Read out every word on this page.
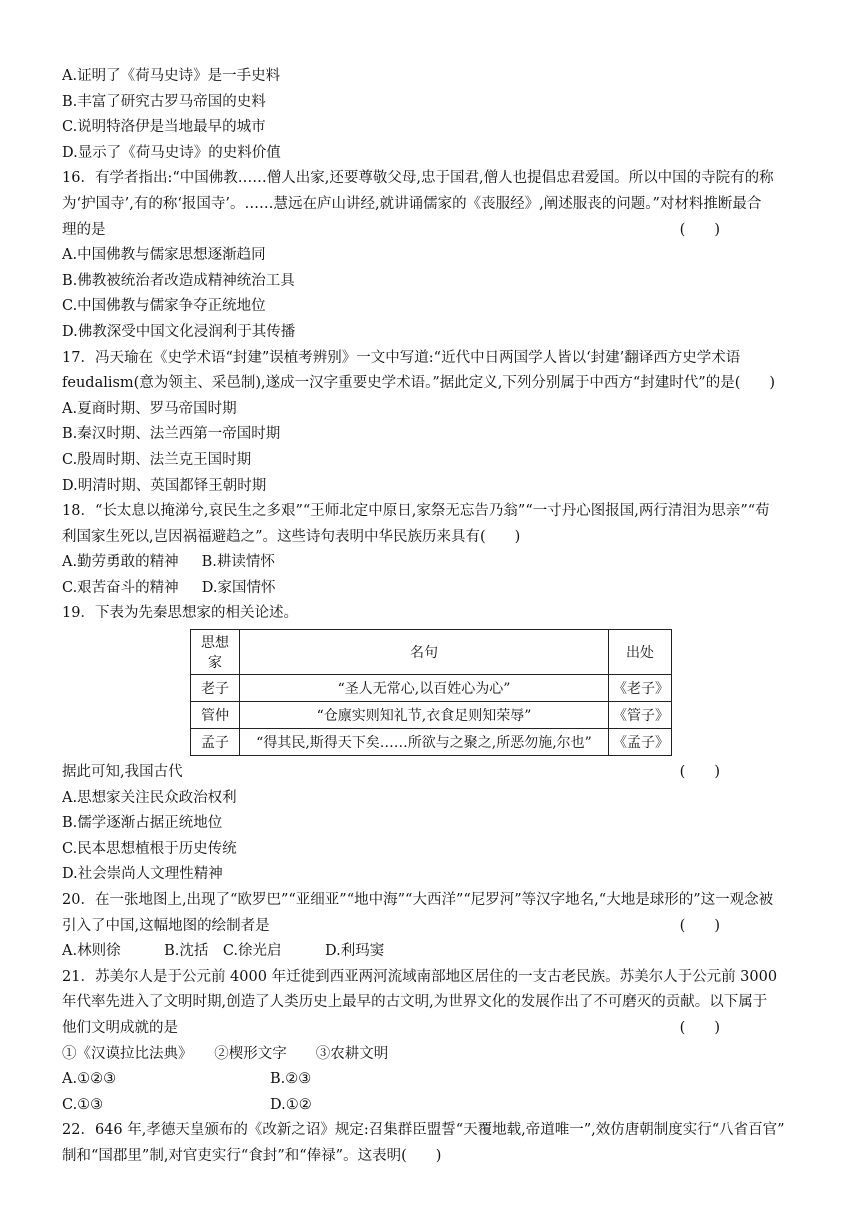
A.证明了《荷马史诗》是一手史料
B.丰富了研究古罗马帝国的史料
C.说明特洛伊是当地最早的城市
D.显示了《荷马史诗》的史料价值
16．有学者指出:“中国佛教……僧人出家,还要尊敬父母,忠于国君,僧人也提倡忠君爱国。所以中国的寺院有的称
为‘护国寺’,有的称‘报国寺’。……慧远在庐山讲经,就讲诵儒家的《丧服经》,阐述服丧的问题。”对材料推断最合
理的是	(　　)
A.中国佛教与儒家思想逐渐趋同
B.佛教被统治者改造成精神统治工具
C.中国佛教与儒家争夺正统地位
D.佛教深受中国文化浸润利于其传播
17．冯天瑜在《史学术语“封建”误植考辨别》一文中写道:“近代中日两国学人皆以‘封建’翻译西方史学术语
feudalism(意为领主、采邑制),遂成一汉字重要史学术语。”据此定义,下列分别属于中西方“封建时代”的是(　　)
A.夏商时期、罗马帝国时期
B.秦汉时期、法兰西第一帝国时期
C.殷周时期、法兰克王国时期
D.明清时期、英国都铎王朝时期
18．“长太息以掩涕兮,哀民生之多艰”“王师北定中原日,家祭无忘告乃翁”“一寸丹心图报国,两行清泪为思亲”“苟
利国家生死以,岂因祸福避趋之”。这些诗句表明中华民族历来具有(　　)
A.勤劳勇敢的精神 B.耕读情怀
C.艰苦奋斗的精神 D.家国情怀
19．下表为先秦思想家的相关论述。
思想家	名句	出处
老子	“圣人无常心,以百姓心为心”	《老子》
管仲	“仓廪实则知礼节,衣食足则知荣辱”	《管子》
孟子	“得其民,斯得天下矣……所欲与之聚之,所恶勿施,尔也”	《孟子》
据此可知,我国古代	(　　)
A.思想家关注民众政治权利
B.儒学逐渐占据正统地位
C.民本思想植根于历史传统
D.社会崇尚人文理性精神
20．在一张地图上,出现了“欧罗巴”“亚细亚”“地中海”“大西洋”“尼罗河”等汉字地名,“大地是球形的”这一观念被
引入了中国,这幅地图的绘制者是	(　　)
A.林则徐　　　B.沈括　C.徐光启　　　D.利玛窦
21．苏美尔人是于公元前 4000 年迁徙到西亚两河流域南部地区居住的一支古老民族。苏美尔人于公元前 3000
年代率先进入了文明时期,创造了人类历史上最早的古文明,为世界文化的发展作出了不可磨灭的贡献。以下属于
他们文明成就的是	(　　)
①《汉谟拉比法典》　　②楔形文字　　③农耕文明
A.①②③	B.②③
C.①③	D.①②
22．646 年,孝德天皇颁布的《改新之诏》规定:召集群臣盟誓“天覆地载,帝道唯一”,效仿唐朝制度实行“八省百官”
制和“国郡里”制,对官吏实行“食封”和“俸禄”。这表明(　　)
